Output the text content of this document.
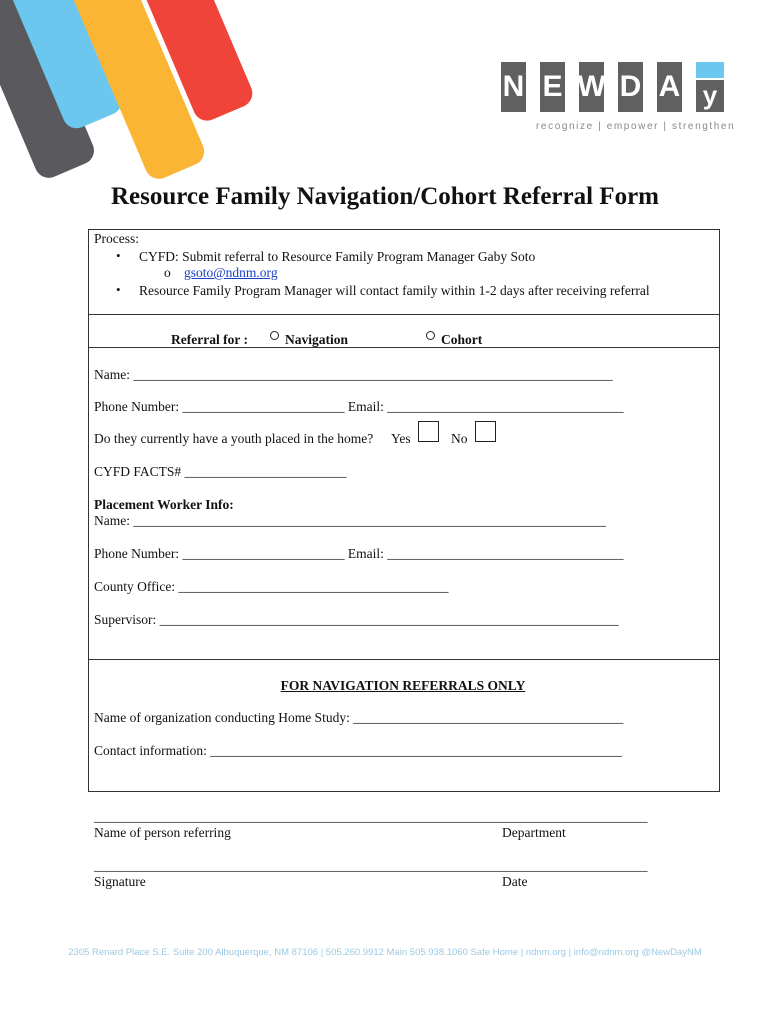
N E W D A y
recognize | empower | strengthen
Resource Family Navigation/Cohort Referral Form
Process:
• CYFD: Submit referral to Resource Family Program Manager Gaby Soto
o gsoto@ndnm.org
• Resource Family Program Manager will contact family within 1-2 days after receiving referral
Referral for :	Navigation	Cohort
Name: _______________________________________________________________________
Phone Number: ________________________ Email: ___________________________________
Do they currently have a youth placed in the home? Yes	No
CYFD FACTS# ________________________
Placement Worker Info:
Name: ______________________________________________________________________
Phone Number: ________________________ Email: ___________________________________
County Office: ________________________________________
Supervisor: ____________________________________________________________________
FOR NAVIGATION REFERRALS ONLY
Name of organization conducting Home Study: ________________________________________
Contact information: _____________________________________________________________
__________________________________________________________________________________
Name of person referring	Department
__________________________________________________________________________________
Signature	Date
2305 Renard Place S.E. Suite 200 Albuquerque, NM 87106 | 505.260.9912 Main 505.938.1060 Safe Home | ndnm.org | info@ndnm.org @NewDayNM
